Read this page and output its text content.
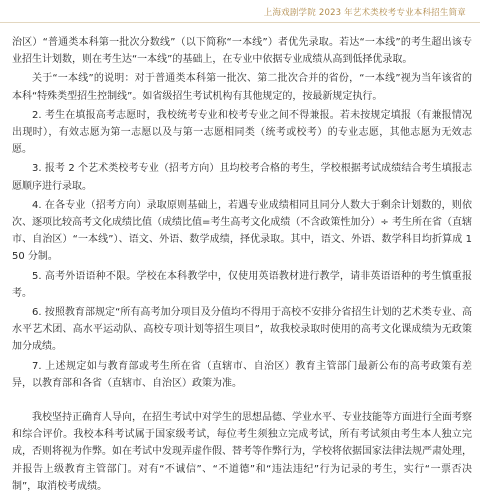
上海戏剧学院 2023 年艺术类校考专业本科招生简章

治区）“普通类本科第一批次分数线”（以下简称“一本线”）者优先录取。若达“一本线”的考生超出该专业招生计划数，则在考生达“一本线”的基础上，在专业中依据专业成绩从高到低择优录取。

关于“一本线”的说明：对于普通类本科第一批次、第二批次合并的省份，“一本线”视为当年该省的本科“特殊类型招生控制线”。如省级招生考试机构有其他规定的，按最新规定执行。

2. 考生在填报高考志愿时，我校统考专业和校考专业之间不得兼报。若未按规定填报（有兼报情况出现时），有效志愿为第一志愿以及与第一志愿相同类（统考或校考）的专业志愿，其他志愿为无效志愿。

3. 报考 2 个艺术类校考专业（招考方向）且均校考合格的考生，学校根据考试成绩结合考生填报志愿顺序进行录取。

4. 在各专业（招考方向）录取原则基础上，若遇专业成绩相同且同分人数大于剩余计划数的，则依次、逐项比较高考文化成绩比值（成绩比值=考生高考文化成绩（不含政策性加分）÷ 考生所在省（直辖市、自治区）“一本线”）、语文、外语、数学成绩，择优录取。其中，语文、外语、数学科目均折算成 150 分制。

5. 高考外语语种不限。学校在本科教学中，仅使用英语教材进行教学，请非英语语种的考生慎重报考。

6. 按照教育部规定“所有高考加分项目及分值均不得用于高校不安排分省招生计划的艺术类专业、高水平艺术团、高水平运动队、高校专项计划等招生项目”，故我校录取时使用的高考文化课成绩为无政策加分成绩。

7. 上述规定如与教育部或考生所在省（直辖市、自治区）教育主管部门最新公布的高考政策有差异，以教育部和各省（直辖市、自治区）政策为准。

我校坚持正确育人导向，在招生考试中对学生的思想品德、学业水平、专业技能等方面进行全面考察和综合评价。我校本科考试属于国家级考试，每位考生须独立完成考试，所有考试须由考生本人独立完成，否则将视为作弊。如在考试中发现弄虚作假、替考等作弊行为，学校将依据国家法律法规严肃处理，并报告上级教育主管部门。对有“不诚信”、“不道德”和“违法违纪”行为记录的考生，实行“一票否决制”，取消校考成绩。
